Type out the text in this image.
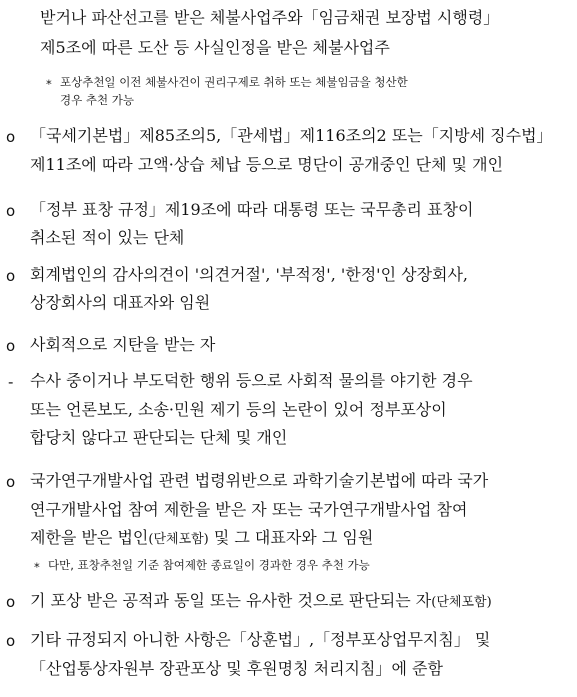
받거나 파산선고를 받은 체불사업주와「임금채권 보장법 시행령」
제5조에 따른 도산 등 사실인정을 받은 체불사업주
* 포상추천일 이전 체불사건이 권리구제로 취하 또는 체불임금을 청산한
경우 추천 가능
o 「국세기본법」제85조의5,「관세법」제116조의2 또는「지방세 징수법」
제11조에 따라 고액·상습 체납 등으로 명단이 공개중인 단체 및 개인
o 「정부 표창 규정」제19조에 따라 대통령 또는 국무총리 표창이
취소된 적이 있는 단체
o 회계법인의 감사의견이 '의견거절', '부적정', '한정'인 상장회사,
상장회사의 대표자와 임원
o 사회적으로 지탄을 받는 자
- 수사 중이거나 부도덕한 행위 등으로 사회적 물의를 야기한 경우
또는 언론보도, 소송·민원 제기 등의 논란이 있어 정부포상이
합당치 않다고 판단되는 단체 및 개인
o 국가연구개발사업 관련 법령위반으로 과학기술기본법에 따라 국가
연구개발사업 참여 제한을 받은 자 또는 국가연구개발사업 참여
제한을 받은 법인(단체포함) 및 그 대표자와 그 임원
* 다만, 표창추천일 기준 참여제한 종료일이 경과한 경우 추천 가능
o 기 포상 받은 공적과 동일 또는 유사한 것으로 판단되는 자(단체포함)
o 기타 규정되지 아니한 사항은「상훈법」,「정부포상업무지침」 및
「산업통상자원부 장관포상 및 후원명칭 처리지침」에 준함
